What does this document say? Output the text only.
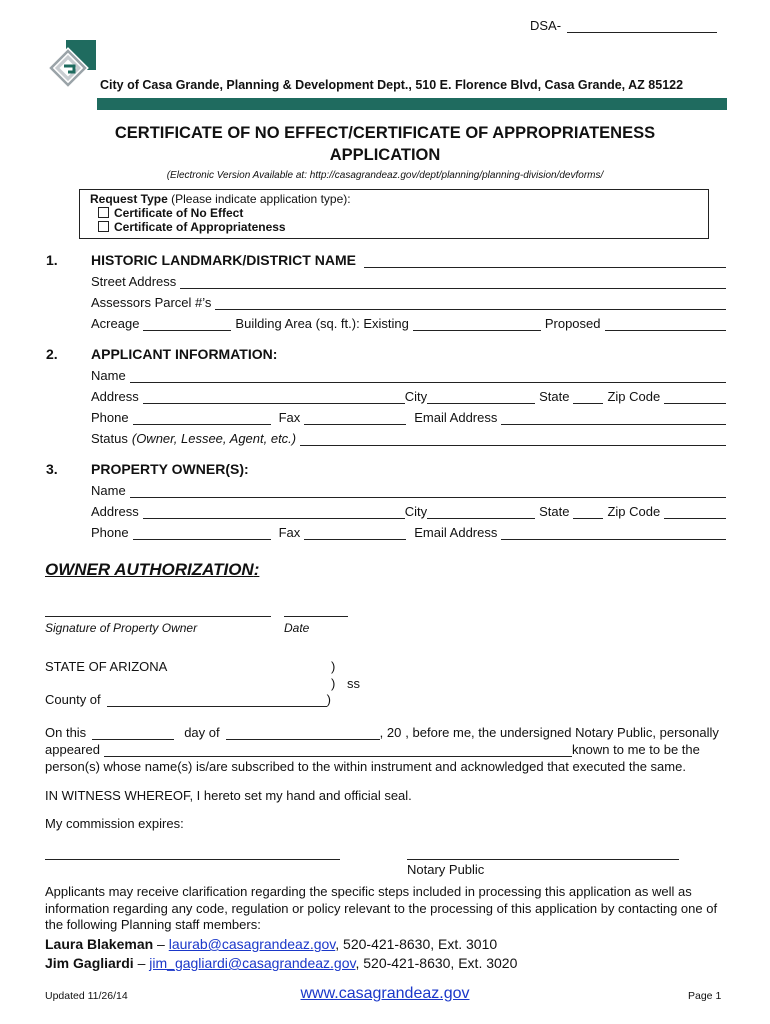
DSA-
City of Casa Grande, Planning & Development Dept., 510 E. Florence Blvd, Casa Grande, AZ 85122
CERTIFICATE OF NO EFFECT/CERTIFICATE OF APPROPRIATENESS
APPLICATION
(Electronic Version Available at: http://casagrandeaz.gov/dept/planning/planning-division/devforms/
Request Type (Please indicate application type):
Certificate of No Effect
Certificate of Appropriateness
1. HISTORIC LANDMARK/DISTRICT NAME
Street Address
Assessors Parcel #’s
Acreage	Building Area (sq. ft.): Existing	Proposed
2. APPLICANT INFORMATION:
Name
Address	City	State	Zip Code
Phone	Fax	Email Address
Status (Owner, Lessee, Agent, etc.)
3. PROPERTY OWNER(S):
Name
Address	City	State	Zip Code
Phone	Fax	Email Address
OWNER AUTHORIZATION:
Signature of Property Owner	Date
STATE OF ARIZONA	)
) ss
County of	)
On this	day of	, 20 , before me, the undersigned Notary Public, personally
appeared	known to me to be the
person(s) whose name(s) is/are subscribed to the within instrument and acknowledged that executed the same.
IN WITNESS WHEREOF, I hereto set my hand and official seal.
My commission expires:
Notary Public
Applicants may receive clarification regarding the specific steps included in processing this application as well as information regarding any code, regulation or policy relevant to the processing of this application by contacting one of the following Planning staff members:
Laura Blakeman – laurab@casagrandeaz.gov, 520-421-8630, Ext. 3010
Jim Gagliardi – jim_gagliardi@casagrandeaz.gov, 520-421-8630, Ext. 3020
Updated 11/26/14	www.casagrandeaz.gov	Page 1
